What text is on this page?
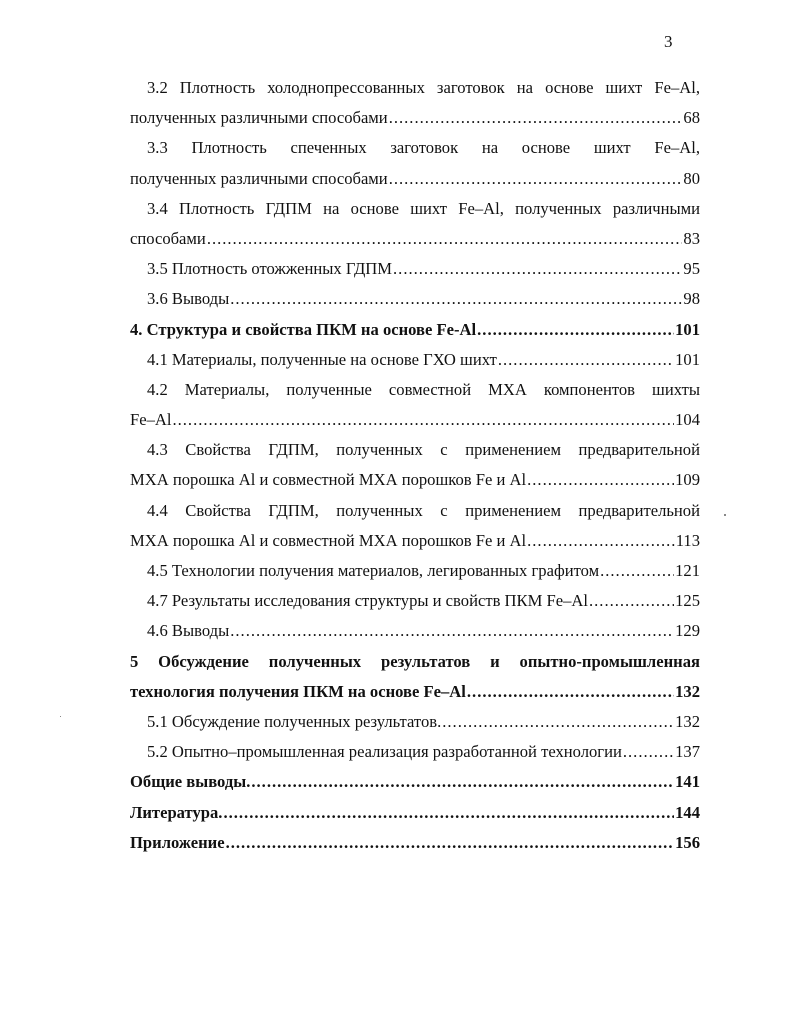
3
3.2 Плотность холоднопрессованных заготовок на основе шихт Fe–Al,
полученных различными способами .....	68
3.3 Плотность спеченных заготовок на основе шихт Fe–Al,
полученных различными способами .....	80
3.4 Плотность ГДПМ на основе шихт Fe–Al, полученных различными
способами .....	83
3.5 Плотность отожженных ГДПМ .....	95
3.6 Выводы .....	98
4. Структура и свойства ПКМ на основе Fe-Al .....	101
4.1 Материалы, полученные на основе ГХО шихт .....	101
4.2 Материалы, полученные совместной МХА компонентов шихты
Fe–Al .....	104
4.3 Свойства ГДПМ, полученных с применением предварительной
МХА порошка Al и совместной МХА порошков Fe и Al .....	109
4.4 Свойства ГДПМ, полученных с применением предварительной
МХА порошка Al и совместной МХА порошков Fe и Al .....	113
4.5 Технологии получения материалов, легированных графитом .....	121
4.7 Результаты исследования структуры и свойств ПКМ Fe–Al .....	125
4.6 Выводы .....	129
5 Обсуждение полученных результатов и опытно-промышленная
технология получения ПКМ на основе Fe–Al .....	132
5.1 Обсуждение полученных результатов. .....	132
5.2 Опытно–промышленная реализация разработанной технологии .....	137
Общие выводы. .....	141
Литература. .....	144
Приложение .....	156
